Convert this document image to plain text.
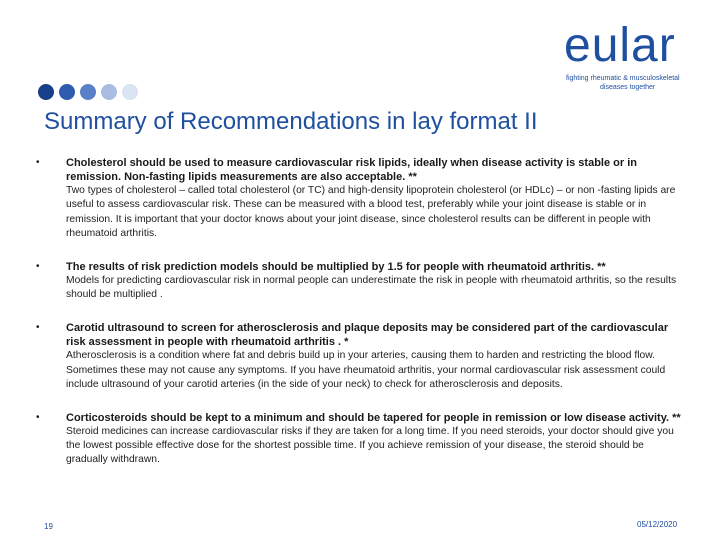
eular
fighting rheumatic & musculoskeletal
diseases together
Summary of Recommendations in lay format II
• Cholesterol should be used to measure cardiovascular risk lipids, ideally when disease activity is stable or in remission. Non-fasting lipids measurements are also acceptable. **
Two types of cholesterol – called total cholesterol (or TC) and high-density lipoprotein cholesterol (or HDLc) – or non -fasting lipids are useful to assess cardiovascular risk. These can be measured with a blood test, preferably while your joint disease is stable or in remission. It is important that your doctor knows about your joint disease, since cholesterol results can be different in people with rheumatoid arthritis.
• The results of risk prediction models should be multiplied by 1.5 for people with rheumatoid arthritis. **
Models for predicting cardiovascular risk in normal people can underestimate the risk in people with rheumatoid arthritis, so the results should be multiplied .
• Carotid ultrasound to screen for atherosclerosis and plaque deposits may be considered part of the cardiovascular risk assessment in people with rheumatoid arthritis . *
Atherosclerosis is a condition where fat and debris build up in your arteries, causing them to harden and restricting the blood flow. Sometimes these may not cause any symptoms. If you have rheumatoid arthritis, your normal cardiovascular risk assessment could include ultrasound of your carotid arteries (in the side of your neck) to check for atherosclerosis and deposits.
• Corticosteroids should be kept to a minimum and should be tapered for people in remission or low disease activity. **
Steroid medicines can increase cardiovascular risks if they are taken for a long time. If you need steroids, your doctor should give you the lowest possible effective dose for the shortest possible time. If you achieve remission of your disease, the steroid should be gradually withdrawn.
19	05/12/2020
